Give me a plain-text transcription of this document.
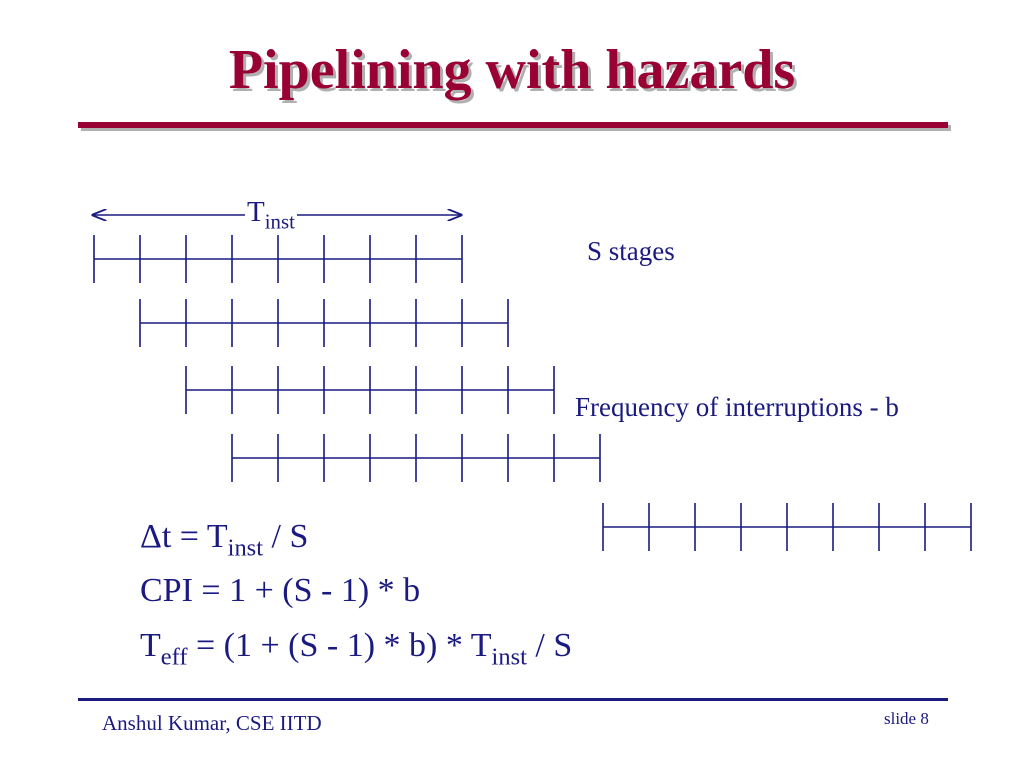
Pipelining with hazards
$T_{inst}$
S stages
Frequency of interruptions - b
$\Delta t = T_{inst} / S$
CPI = 1 + (S - 1) * b
$T_{eff} = (1 + (S - 1) * b) * T_{inst} / S$
Anshul Kumar, CSE IITD	slide 8
